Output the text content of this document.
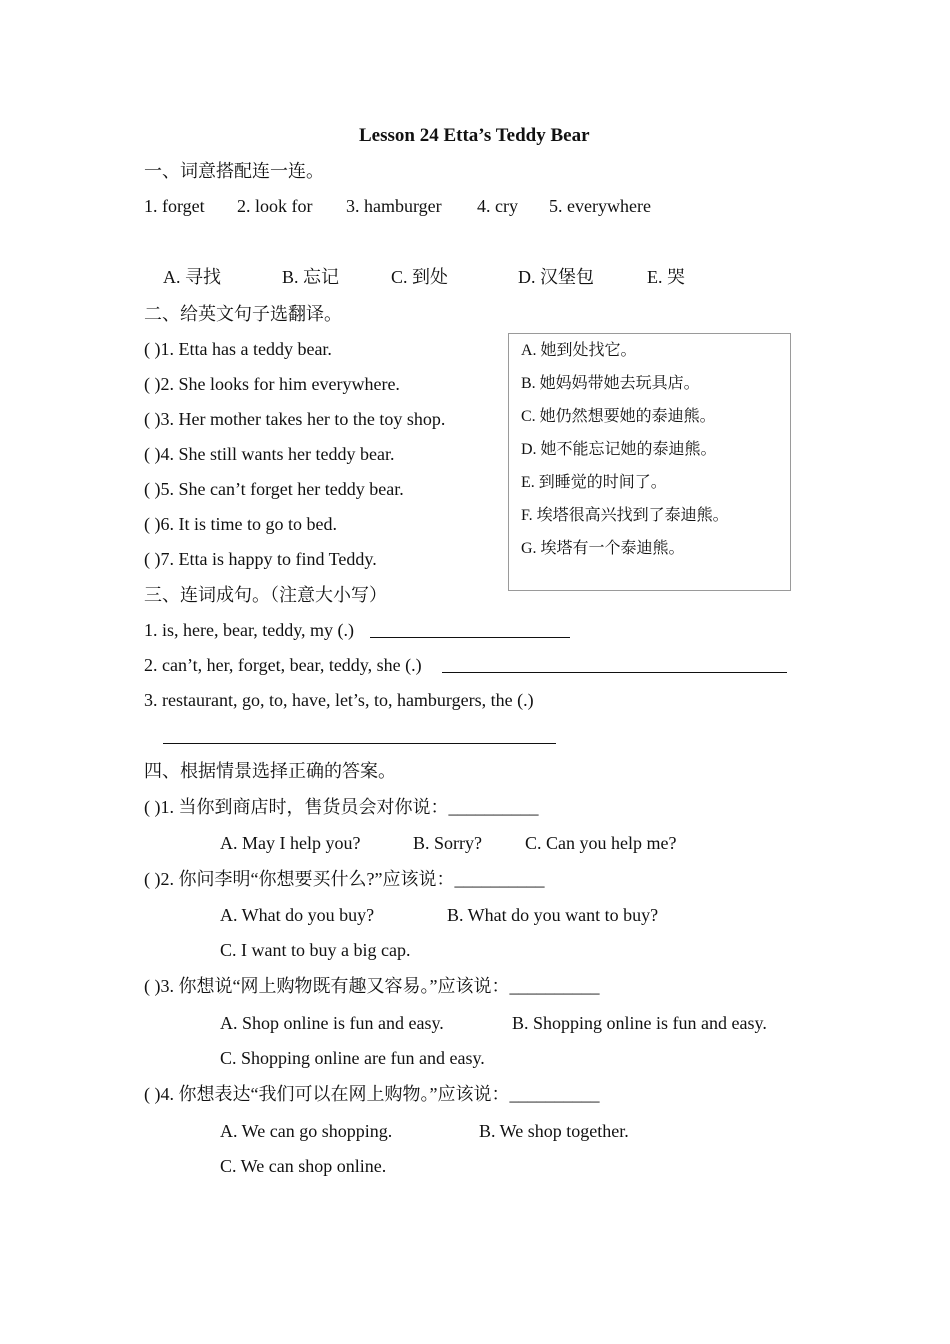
Lesson 24 Etta’s Teddy Bear
一、词意搭配连一连。
1. forget 2. look for 3. hamburger 4. cry 5. everywhere
A. 寻找	B. 忘记	C. 到处	D. 汉堡包	E. 哭
二、给英文句子选翻译。
( )1. Etta has a teddy bear.
( )2. She looks for him everywhere.
( )3. Her mother takes her to the toy shop.
( )4. She still wants her teddy bear.
( )5. She can’t forget her teddy bear.
( )6. It is time to go to bed.
( )7. Etta is happy to find Teddy.
A. 她到处找它。
B. 她妈妈带她去玩具店。
C. 她仍然想要她的泰迪熊。
D. 她不能忘记她的泰迪熊。
E. 到睡觉的时间了。
F. 埃塔很高兴找到了泰迪熊。
G. 埃塔有一个泰迪熊。
三、连词成句。（注意大小写）
1. is, here, bear, teddy, my (.)
2. can’t, her, forget, bear, teddy, she (.)
3. restaurant, go, to, have, let’s, to, hamburgers, the (.)
四、根据情景选择正确的答案。
( )1. 当你到商店时，售货员会对你说：__________
A. May I help you?	B. Sorry? C. Can you help me?
( )2. 你问李明“你想要买什么?”应该说：__________
A. What do you buy?	B. What do you want to buy?
C. I want to buy a big cap.
( )3. 你想说“网上购物既有趣又容易。”应该说：__________
A. Shop online is fun and easy.	B. Shopping online is fun and easy.
C. Shopping online are fun and easy.
( )4. 你想表达“我们可以在网上购物。”应该说：__________
A. We can go shopping.	B. We shop together.
C. We can shop online.
